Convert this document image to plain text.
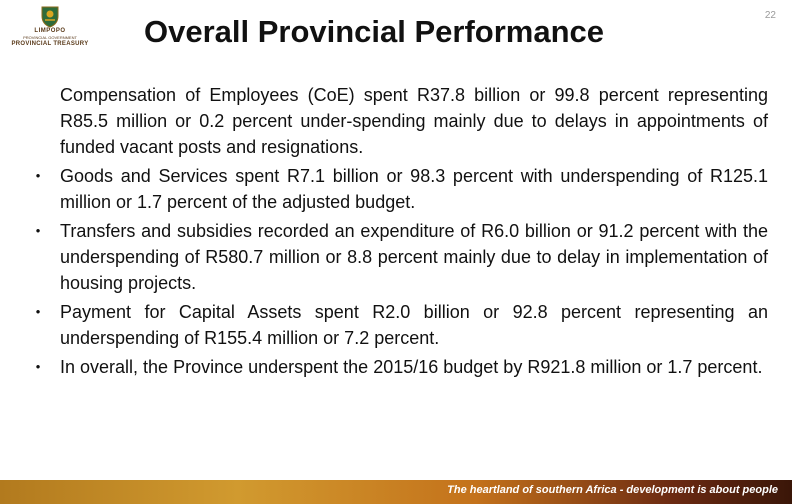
LIMPOPO
PROVINCIAL GOVERNMENT
PROVINCIAL TREASURY	Overall Provincial Performance	22
Compensation of Employees (CoE) spent R37.8 billion or 99.8 percent representing R85.5 million or 0.2 percent under-spending mainly due to delays in appointments of funded vacant posts and resignations.
•	Goods and Services spent R7.1 billion or 98.3 percent with underspending of R125.1 million or 1.7 percent of the adjusted budget.
•	Transfers and subsidies recorded an expenditure of R6.0 billion or 91.2 percent with the underspending of R580.7 million or 8.8 percent mainly due to delay in implementation of housing projects.
•	Payment for Capital Assets spent R2.0 billion or 92.8 percent representing an underspending of R155.4 million or 7.2 percent.
•	In overall, the Province underspent the 2015/16 budget by R921.8 million or 1.7 percent.
The heartland of southern Africa - development is about people
